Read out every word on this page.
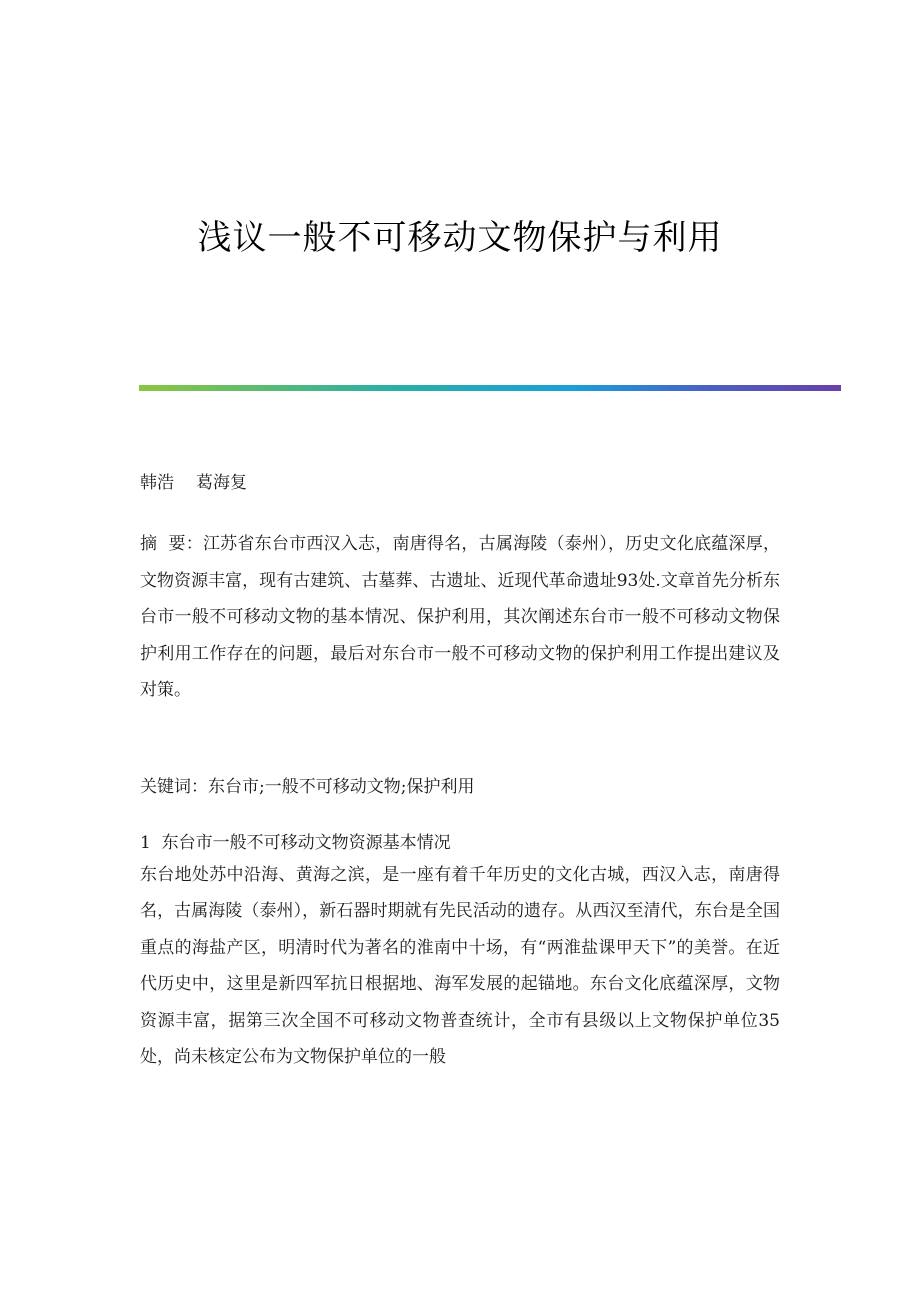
浅议一般不可移动文物保护与利用
韩浩 葛海复
摘  要：江苏省东台市西汉入志，南唐得名，古属海陵（泰州），历史文化底蕴深厚，文物资源丰富，现有古建筑、古墓葬、古遗址、近现代革命遗址93处.文章首先分析东台市一般不可移动文物的基本情况、保护利用，其次阐述东台市一般不可移动文物保护利用工作存在的问题，最后对东台市一般不可移动文物的保护利用工作提出建议及对策。
关键词：东台市;一般不可移动文物;保护利用
1  东台市一般不可移动文物资源基本情况
东台地处苏中沿海、黄海之滨，是一座有着千年历史的文化古城，西汉入志，南唐得名，古属海陵（泰州），新石器时期就有先民活动的遗存。从西汉至清代，东台是全国重点的海盐产区，明清时代为著名的淮南中十场，有“两淮盐课甲天下”的美誉。在近代历史中，这里是新四军抗日根据地、海军发展的起锚地。东台文化底蕴深厚，文物资源丰富，据第三次全国不可移动文物普查统计，全市有县级以上文物保护单位35处，尚未核定公布为文物保护单位的一般
